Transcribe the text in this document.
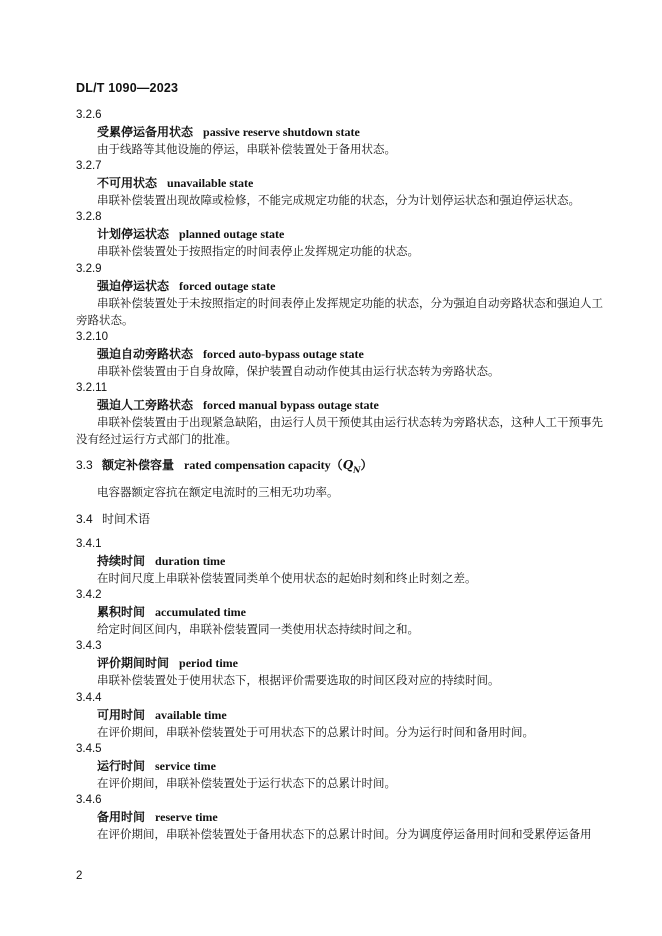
DL/T 1090—2023
3.2.6
受累停运备用状态 passive reserve shutdown state
由于线路等其他设施的停运，串联补偿装置处于备用状态。
3.2.7
不可用状态 unavailable state
串联补偿装置出现故障或检修，不能完成规定功能的状态，分为计划停运状态和强迫停运状态。
3.2.8
计划停运状态 planned outage state
串联补偿装置处于按照指定的时间表停止发挥规定功能的状态。
3.2.9
强迫停运状态 forced outage state
串联补偿装置处于未按照指定的时间表停止发挥规定功能的状态，分为强迫自动旁路状态和强迫人工旁路状态。
3.2.10
强迫自动旁路状态 forced auto-bypass outage state
串联补偿装置由于自身故障，保护装置自动动作使其由运行状态转为旁路状态。
3.2.11
强迫人工旁路状态 forced manual bypass outage state
串联补偿装置由于出现紧急缺陷，由运行人员干预使其由运行状态转为旁路状态，这种人工干预事先没有经过运行方式部门的批准。
3.3 额定补偿容量 rated compensation $capacity(Q_N)$
电容器额定容抗在额定电流时的三相无功功率。
3.4 时间术语
3.4.1
持续时间 duration time
在时间尺度上串联补偿装置同类单个使用状态的起始时刻和终止时刻之差。
3.4.2
累积时间 accumulated time
给定时间区间内，串联补偿装置同一类使用状态持续时间之和。
3.4.3
评价期间时间 period time
串联补偿装置处于使用状态下，根据评价需要选取的时间区段对应的持续时间。
3.4.4
可用时间 available time
在评价期间，串联补偿装置处于可用状态下的总累计时间。分为运行时间和备用时间。
3.4.5
运行时间 service time
在评价期间，串联补偿装置处于运行状态下的总累计时间。
3.4.6
备用时间 reserve time
在评价期间，串联补偿装置处于备用状态下的总累计时间。分为调度停运备用时间和受累停运备用
2
